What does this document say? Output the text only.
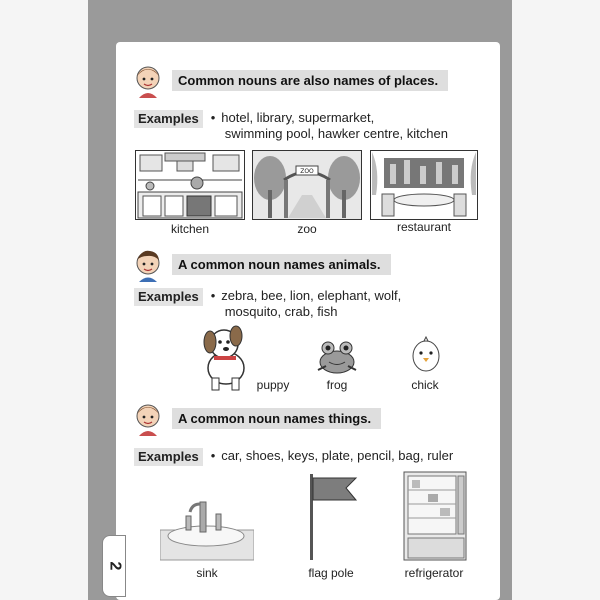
2
Common nouns are also names of places.
Examples • hotel, library, supermarket,
swimming pool, hawker centre, kitchen
kitchen
ZOO
zoo	restaurant
A common noun names animals.
Examples • zebra, bee, lion, elephant, wolf,
mosquito, crab, fish
puppy	frog	chick
A common noun names things.
Examples • car, shoes, keys, plate, pencil, bag, ruler
sink	flag pole	refrigerator
